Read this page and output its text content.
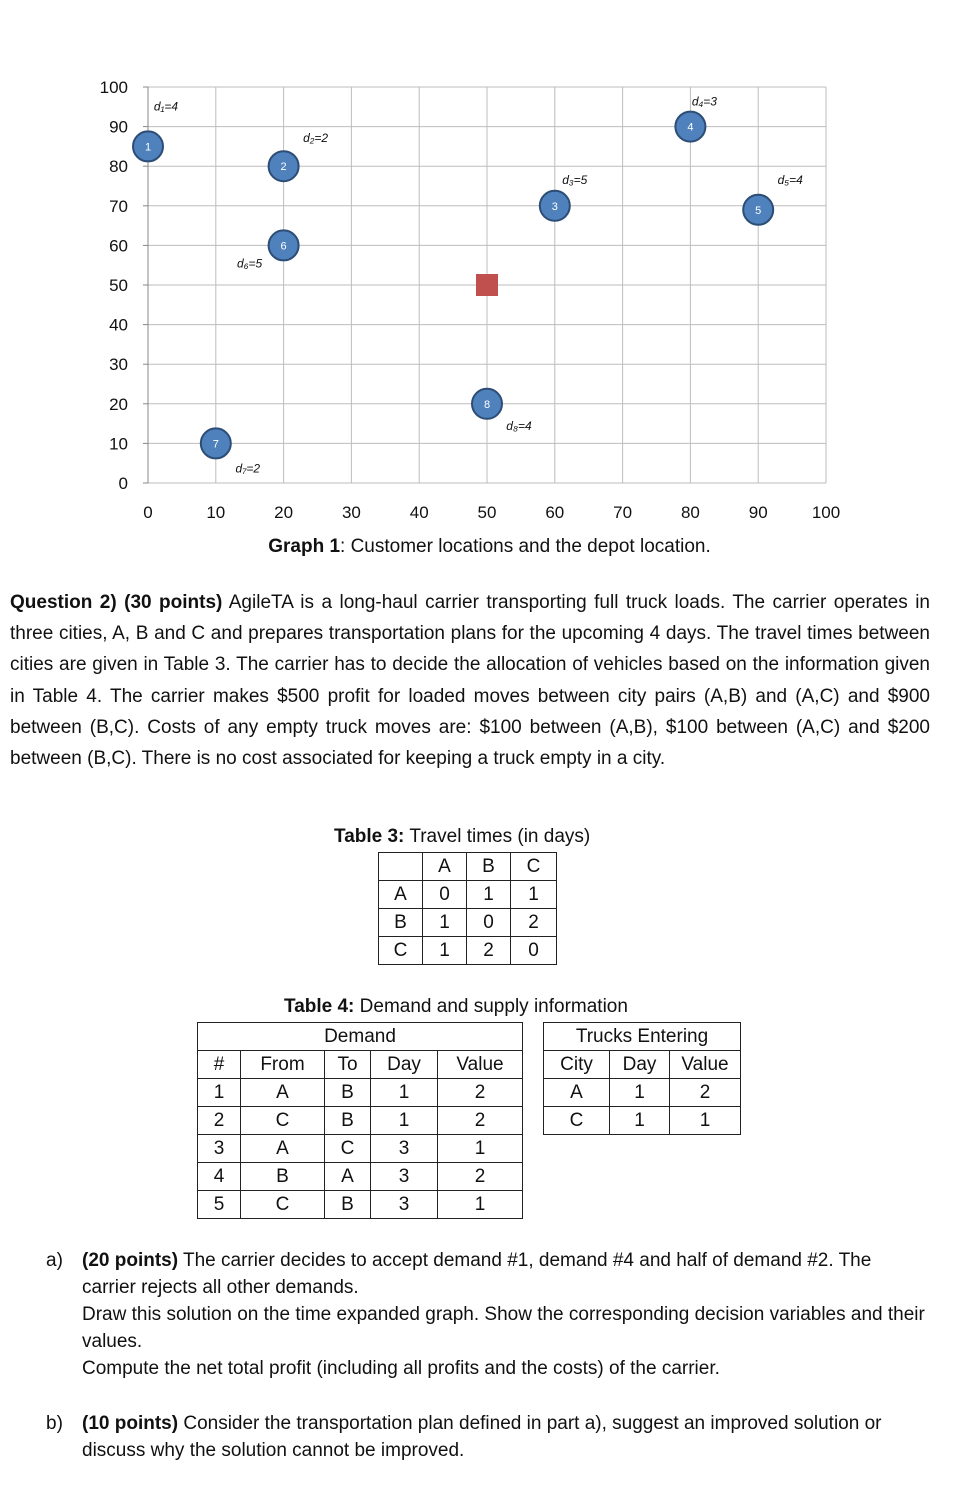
100
90
80
70
60
50
40
30
20
10
0
0	10	20	30	40	50	60	70	80	90	100
1
d₁=4
2
d₂=2
3
d₃=5
4
d₄=3
5
d₅=4
6
d₆=5
7
d₇=2
8
d₈=4
Graph 1: Customer locations and the depot location.
Question 2) (30 points) AgileTA is a long-haul carrier transporting full truck loads. The carrier operates in three cities, A, B and C and prepares transportation plans for the upcoming 4 days. The travel times between cities are given in Table 3. The carrier has to decide the allocation of vehicles based on the information given in Table 4. The carrier makes $500 profit for loaded moves between city pairs (A,B) and (A,C) and $900 between (B,C). Costs of any empty truck moves are: $100 between (A,B), $100 between (A,C) and $200 between (B,C). There is no cost associated for keeping a truck empty in a city.
Table 3: Travel times (in days)
	A	B	C
A	0	1	1
B	1	0	2
C	1	2	0
Table 4: Demand and supply information
Demand				
#	From	To	Day	Value
1	A	B	1	2
2	C	B	1	2
3	A	C	3	1
4	B	A	3	2
5	C	B	3	1
Trucks Entering		
City	Day	Value
A	1	2
C	1	1
a) (20 points) The carrier decides to accept demand #1, demand #4 and half of demand #2. The carrier rejects all other demands.
Draw this solution on the time expanded graph. Show the corresponding decision variables and their values.
Compute the net total profit (including all profits and the costs) of the carrier.
b) (10 points) Consider the transportation plan defined in part a), suggest an improved solution or discuss why the solution cannot be improved.
